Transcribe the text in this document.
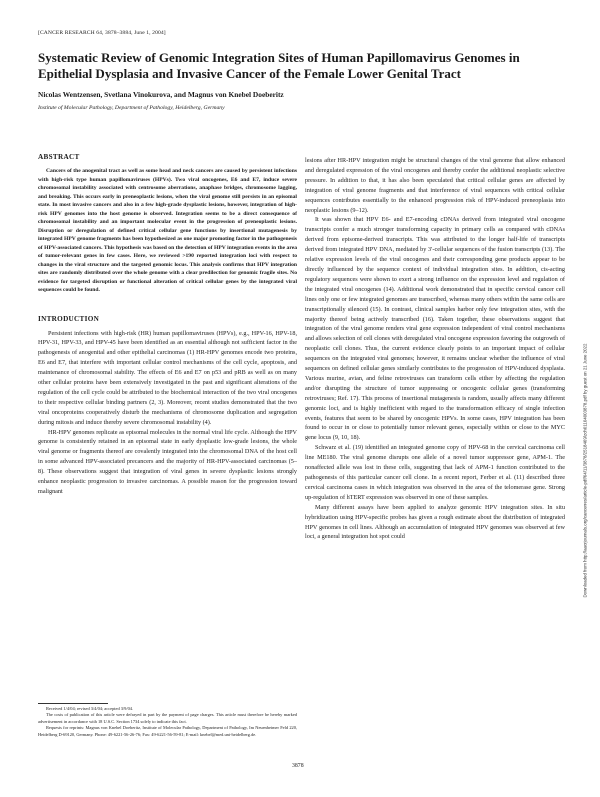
[CANCER RESEARCH 64, 3878–3884, June 1, 2004]
Systematic Review of Genomic Integration Sites of Human Papillomavirus Genomes in Epithelial Dysplasia and Invasive Cancer of the Female Lower Genital Tract
Nicolas Wentzensen, Svetlana Vinokurova, and Magnus von Knebel Doeberitz
Institute of Molecular Pathology, Department of Pathology, Heidelberg, Germany
ABSTRACT

Cancers of the anogenital tract as well as some head and neck cancers are caused by persistent infections with high-risk type human papillomaviruses (HPVs). Two viral oncogenes, E6 and E7, induce severe chromosomal instability associated with centrosome aberrations, anaphase bridges, chromosome lagging, and breaking. This occurs early in preneoplastic lesions, when the viral genome still persists in an episomal state. In most invasive cancers and also in a few high-grade dysplastic lesions, however, integration of high-risk HPV genomes into the host genome is observed. Integration seems to be a direct consequence of chromosomal instability and an important molecular event in the progression of preneoplastic lesions. Disruption or deregulation of defined critical cellular gene functions by insertional mutagenesis by integrated HPV genome fragments has been hypothesized as one major promoting factor in the pathogenesis of HPV-associated cancers. This hypothesis was based on the detection of HPV integration events in the area of tumor-relevant genes in few cases. Here, we reviewed >190 reported integration loci with respect to changes in the viral structure and the targeted genomic locus. This analysis confirms that HPV integration sites are randomly distributed over the whole genome with a clear predilection for genomic fragile sites. No evidence for targeted disruption or functional alteration of critical cellular genes by the integrated viral sequences could be found.

INTRODUCTION

Persistent infections with high-risk (HR) human papillomaviruses (HPVs), e.g., HPV-16, HPV-18, HPV-31, HPV-33, and HPV-45 have been identified as an essential although not sufficient factor in the pathogenesis of anogenital and other epithelial carcinomas (1) HR-HPV genomes encode two proteins, E6 and E7, that interfere with important cellular control mechanisms of the cell cycle, apoptosis, and maintenance of chromosomal stability. The effects of E6 and E7 on p53 and pRB as well as on many other cellular proteins have been extensively investigated in the past and significant alterations of the regulation of the cell cycle could be attributed to the biochemical interaction of the two viral oncogenes to their respective cellular binding partners (2, 3). Moreover, recent studies demonstrated that the two viral oncoproteins cooperatively disturb the mechanisms of chromosome duplication and segregation during mitosis and induce thereby severe chromosomal instability (4).

HR-HPV genomes replicate as episomal molecules in the normal viral life cycle. Although the HPV genome is consistently retained in an episomal state in early dysplastic low-grade lesions, the whole viral genome or fragments thereof are covalently integrated into the chromosomal DNA of the host cell in some advanced HPV-associated precancers and the majority of HR-HPV-associated carcinomas (5–8). These observations suggest that integration of viral genes in severe dysplastic lesions strongly enhance neoplastic progression to invasive carcinomas. A possible reason for the progression toward malignant

lesions after HR-HPV integration might be structural changes of the viral genome that allow enhanced and deregulated expression of the viral oncogenes and thereby confer the additional neoplastic selective pressure. In addition to that, it has also been speculated that critical cellular genes are affected by integration of viral genome fragments and that interference of viral sequences with critical cellular sequences contributes essentially to the enhanced progression risk of HPV-induced preneoplasia into neoplastic lesions (9–12).

It was shown that HPV E6- and E7-encoding cDNAs derived from integrated viral oncogene transcripts confer a much stronger transforming capacity in primary cells as compared with cDNAs derived from episome-derived transcripts. This was attributed to the longer half-life of transcripts derived from integrated HPV DNA, mediated by 3′-cellular sequences of the fusion transcripts (13). The relative expression levels of the viral oncogenes and their corresponding gene products appear to be directly influenced by the sequence context of individual integration sites. In addition, cis-acting regulatory sequences were shown to exert a strong influence on the expression level and regulation of the integrated viral oncogenes (14). Additional work demonstrated that in specific cervical cancer cell lines only one or few integrated genomes are transcribed, whereas many others within the same cells are transcriptionally silenced (15). In contrast, clinical samples harbor only few integration sites, with the majority thereof being actively transcribed (16). Taken together, these observations suggest that integration of the viral genome renders viral gene expression independent of viral control mechanisms and allows selection of cell clones with deregulated viral oncogene expression favoring the outgrowth of neoplastic cell clones. Thus, the current evidence clearly points to an important impact of cellular sequences on the integrated viral genomes; however, it remains unclear whether the influence of viral sequences on defined cellular genes similarly contributes to the progression of HPV-induced dysplasia. Various murine, avian, and feline retroviruses can transform cells either by affecting the regulation and/or disrupting the structure of tumor suppressing or oncogenic cellular genes (transforming retroviruses; Ref. 17). This process of insertional mutagenesis is random, usually affects many different genomic loci, and is highly inefficient with regard to the transformation efficacy of single infection events, features that seem to be shared by oncogenic HPVs. In some cases, HPV integration has been found to occur in or close to potentially tumor relevant genes, especially within or close to the MYC gene locus (9, 10, 18).

Schwarz et al. (19) identified an integrated genome copy of HPV-68 in the cervical carcinoma cell line ME180. The viral genome disrupts one allele of a novel tumor suppressor gene, APM-1. The nonaffected allele was lost in these cells, suggesting that lack of APM-1 function contributed to the pathogenesis of this particular cancer cell clone. In a recent report, Ferber et al. (11) described three cervical carcinoma cases in which integration was observed in the area of the telomerase gene. Strong up-regulation of hTERT expression was observed in one of these samples.

Many different assays have been applied to analyze genomic HPV integration sites. In situ hybridization using HPV-specific probes has given a rough estimate about the distribution of integrated HPV genomes in cell lines. Although an accumulation of integrated HPV genomes was observed at few loci, a general integration hot spot could

Received 1/4/04; revised 3/4/04; accepted 3/9/04.

The costs of publication of this article were defrayed in part by the payment of page charges. This article must therefore be hereby marked advertisement in accordance with 18 U.S.C. Section 1734 solely to indicate this fact.

Requests for reprints: Magnus von Knebel Doeberitz, Institute of Molecular Pathology, Department of Pathology, Im Neuenheimer Feld 220, Heidelberg D-69120, Germany. Phone: 49-6221-56-26-76; Fax: 49-6221-56-59-81; E-mail: knebel@med.uni-heidelberg.de.

3878
Downloaded from http://aacrjournals.org/cancerres/article-pdf/64/11/3878/2518469/zch01104003878.pdf by guest on 21 June 2022
